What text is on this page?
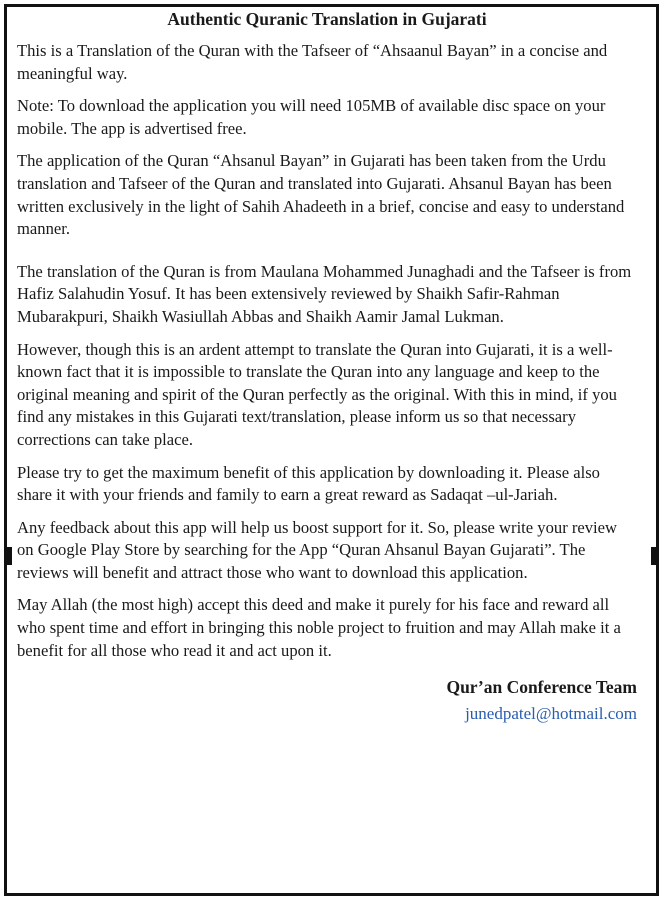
Authentic Quranic Translation in Gujarati

This is a Translation of the Quran with the Tafseer of “Ahsaanul Bayan” in a concise and meaningful way.

Note: To download the application you will need 105MB of available disc space on your mobile. The app is advertised free.

The application of the Quran “Ahsanul Bayan” in Gujarati has been taken from the Urdu translation and Tafseer of the Quran and translated into Gujarati. Ahsanul Bayan has been written exclusively in the light of Sahih Ahadeeth in a brief, concise and easy to understand manner.

The translation of the Quran is from Maulana Mohammed Junaghadi and the Tafseer is from Hafiz Salahudin Yosuf. It has been extensively reviewed by Shaikh Safir-Rahman Mubarakpuri, Shaikh Wasiullah Abbas and Shaikh Aamir Jamal Lukman.

However, though this is an ardent attempt to translate the Quran into Gujarati, it is a well-known fact that it is impossible to translate the Quran into any language and keep to the original meaning and spirit of the Quran perfectly as the original. With this in mind, if you find any mistakes in this Gujarati text/translation, please inform us so that necessary corrections can take place.

Please try to get the maximum benefit of this application by downloading it. Please also share it with your friends and family to earn a great reward as Sadaqat –ul-Jariah.

Any feedback about this app will help us boost support for it. So, please write your review on Google Play Store by searching for the App “Quran Ahsanul Bayan Gujarati”. The reviews will benefit and attract those who want to download this application.

May Allah (the most high) accept this deed and make it purely for his face and reward all who spent time and effort in bringing this noble project to fruition and may Allah make it a benefit for all those who read it and act upon it.

Qur’an Conference Team
junedpatel@hotmail.com
